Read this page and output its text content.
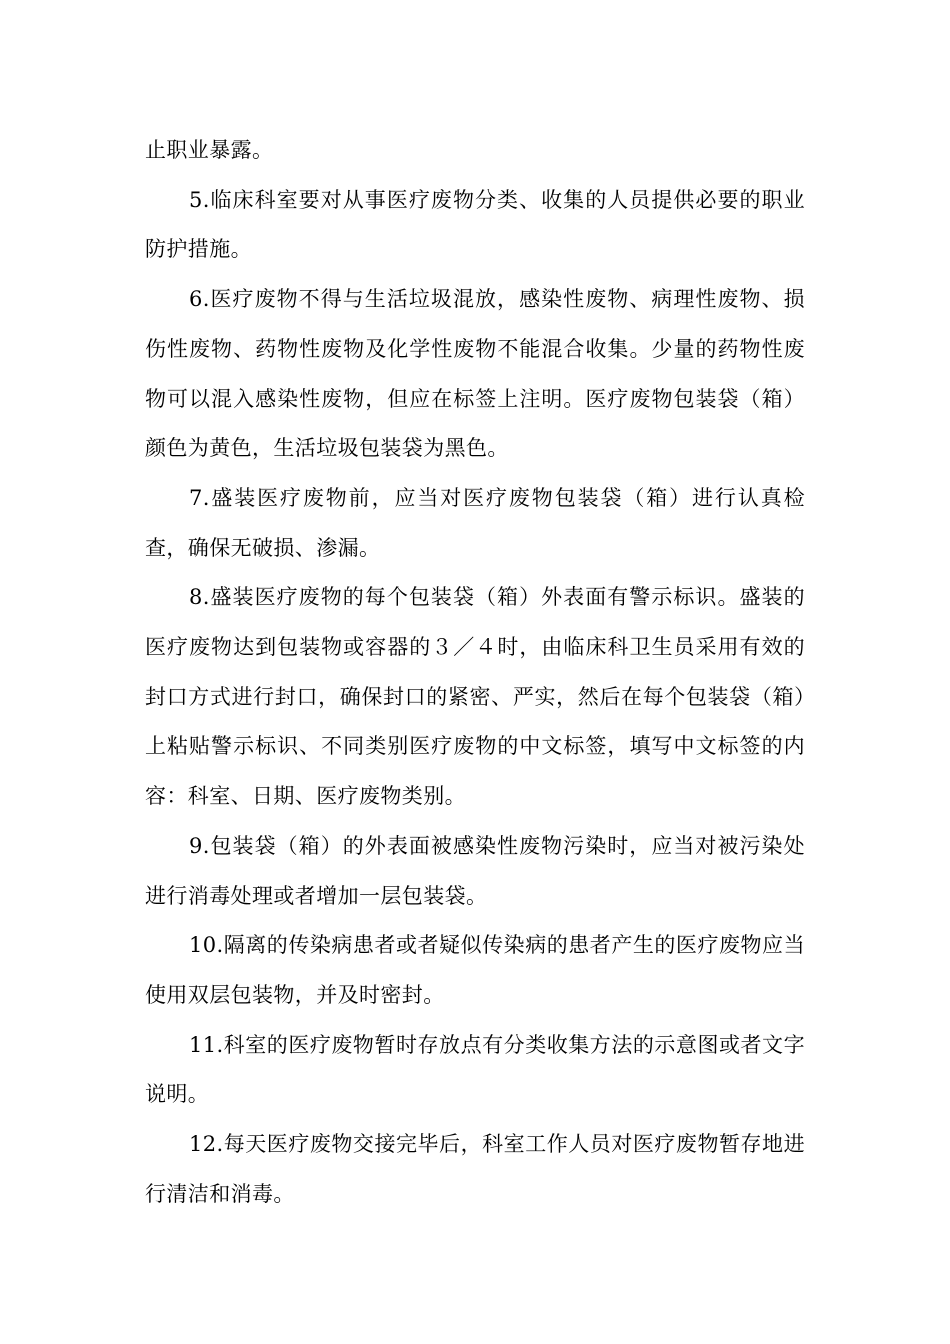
止职业暴露。

5.临床科室要对从事医疗废物分类、收集的人员提供必要的职业防护措施。

6.医疗废物不得与生活垃圾混放，感染性废物、病理性废物、损伤性废物、药物性废物及化学性废物不能混合收集。少量的药物性废物可以混入感染性废物，但应在标签上注明。医疗废物包装袋（箱）颜色为黄色，生活垃圾包装袋为黑色。

7.盛装医疗废物前，应当对医疗废物包装袋（箱）进行认真检查，确保无破损、渗漏。

8.盛装医疗废物的每个包装袋（箱）外表面有警示标识。盛装的医疗废物达到包装物或容器的３／４时，由临床科卫生员采用有效的封口方式进行封口，确保封口的紧密、严实，然后在每个包装袋（箱）上粘贴警示标识、不同类别医疗废物的中文标签，填写中文标签的内容：科室、日期、医疗废物类别。

9.包装袋（箱）的外表面被感染性废物污染时，应当对被污染处进行消毒处理或者增加一层包装袋。

10.隔离的传染病患者或者疑似传染病的患者产生的医疗废物应当使用双层包装物，并及时密封。

11.科室的医疗废物暂时存放点有分类收集方法的示意图或者文字说明。

12.每天医疗废物交接完毕后，科室工作人员对医疗废物暂存地进行清洁和消毒。
